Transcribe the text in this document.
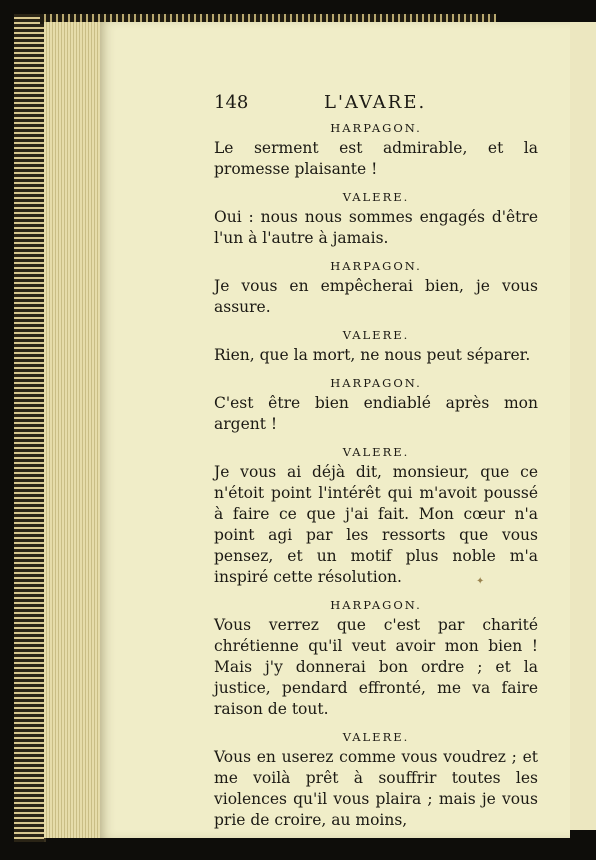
148	L'AVARE.
HARPAGON.

Le serment est admirable, et la promesse plaisante !

VALERE.

Oui : nous nous sommes engagés d'être l'un à l'autre à jamais.

HARPAGON.

Je vous en empêcherai bien, je vous assure.

VALERE.

Rien, que la mort, ne nous peut séparer.

HARPAGON.

C'est être bien endiablé après mon argent !

VALERE.

Je vous ai déjà dit, monsieur, que ce n'étoit point l'intérêt qui m'avoit poussé à faire ce que j'ai fait. Mon cœur n'a point agi par les ressorts que vous pensez, et un motif plus noble m'a inspiré cette résolution.

HARPAGON.

Vous verrez que c'est par charité chrétienne qu'il veut avoir mon bien ! Mais j'y donnerai bon ordre ; et la justice, pendard effronté, me va faire raison de tout.

VALERE.

Vous en userez comme vous voudrez ; et me voilà prêt à souffrir toutes les violences qu'il vous plaira ; mais je vous prie de croire, au moins,

✦
